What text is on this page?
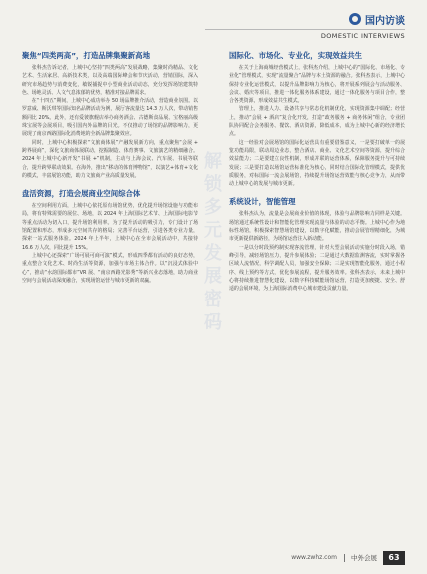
国内访谈
DOMESTIC INTERVIEWS
聚焦“四类两高”，打造品牌集聚新高地

张科杰告诉记者，上城中心坚持“四类两高”发展战略，集聚时尚精品、文化艺术、生活家居、高新技术类，以及高端国际峰会和节庆活动，营销国际，深入研究市场趋势与消费变化，敏锐捕捉中小型商业活动动态，充分发挥场馆建筑特色、场地灵活、人文气息浓郁的优势，精准对接品牌需求。

在“十四五”期间，上城中心成功举办 50 场品牌推介活动，营造商业氛围。以罗意威、斯沃琪等国际知名品牌活动为例，展厅客流量达 14.3 万人次，带动销售额同比 20%。此外，还有爱彼旗舰店举办商务酒会、古德斯食品展、宝格丽高级珠宝展等会展项目，吸引国内外品牌的目光。不仅推动了场馆的品牌影响力，更展现了南京西路国际化消费地的全新品牌集聚效应。

同时，上城中心积极探索“文旅商体展”产融发展新方向，重点聚焦“会展 + 跨界展商”，深化文旅商体展联动，挖掘制造、体育赛事、文旅演艺的精细融合。2024 年上城中心新开发“书展 +”机制，主动与上海会议、汽车展、书展等联合，提升跨界联动效果。在海外，推出“移动的体育博物馆”，以演艺+体育+文化的模式，丰富展馆功能，助力文旅商产业高质量发展。

盘活资源，打造会展商业空间综合体

在空间利用方面，上城中心依托原有场馆优势，优化提升场馆设施与功能布局，将有特殊需要的展位、场地，以 2024 年上海国际艺术节、上海国际电影节等重点活动为切入口，提升场馆利用率。为了提升活动的吸引力，专门设计了场馆配置和形态，形成多元空间共存的格局；完善平台运营，引进各类专业力量，探索一站式服务体验。2024 年上半年，上城中心在全市会展活动中，共接待 16.6 万人次，同比提升 15%。

上城中心还探索“广场可展可商可演”模式，形成四季都有活动的良好态势，重点整合文化艺术、时尚生活等资源，加强与市场主体合作。以“沉浸式体验中心”，推动“水韵国际都市”VR 展、“南京西路光影秀”等新兴业态落地，助力商业空间与会展活动深度融合，实现场馆运营与城市更新的双赢。

解锁多元发展密码
国际化、市场化、专业化，实现效益共生

在关于上海商城经营模式上，张科杰介绍，上城中心的“国际化、市场化、专业化”管理模式，实现“流量聚合”品牌与本土资源的融合。张科杰表示，上城中心保持专业化运营模式，以提升品牌影响力为核心，将开展系列展会与活动服务、会议、婚庆等项目，推进一体化服务体系建设，通过一体化服务与项目合作，整合各类资源，形成效益共生模式。

管理上，推进人力、设备共享与常态化机制优化，实现资源集中调配；经营上，推动“会展 + 酒店”复合化开发，打造“政务服务 + 商务休闲”组合，专业团队协同配合会务服务、餐饮、酒店资源，降低成本，成为上城中心新的经济增长点。

这一经验对会展场馆的国际化运营具有重要借鉴意义，一是要打破单一的展览功能局限，联动周边业态，整合酒店、商业、文化艺术空间等资源，提升综合效益能力；二是要建立良性机制，形成并联的运营体系，保障服务提升与可持续发展；三是要打造以场馆运营标准化为核心，同时结合国际化管理模式，提供优质服务，对标国际一流会展场馆，持续提升场馆运营效能与核心竞争力，从而带动上城中心的发展与城市更新。

系统设计，智能管理

张科杰认为，流量是会展商业价值的体现，体验与品牌影响力同样是关键。场馆通过系统性设计和智能化管理实现流量与体验的动态平衡。上城中心作为地标性场馆，积极探索智慧场馆建设，以数字化赋能，推动会展管理精细化，为城市更新提供新路径，为场馆运营注入新动能。

一是以分时段预约制实现客流管理，针对大型会展活动实施分时段入场，错峰引导，减轻场馆压力，提升参展体验；二是通过大数据监测客流，实时掌握各区域人流情况，科学调配人员，加强安全保障；三是实现智能化服务，通过小程序、线上预约等方式，优化参展流程，提升服务效率。张科杰表示，未来上城中心将持续推进智慧化建设，以数字科技赋能场馆运营，打造更加便捷、安全、舒适的会展环境，为上海国际消费中心城市建设贡献力量。

www.zwhz.com 中外会展	63
